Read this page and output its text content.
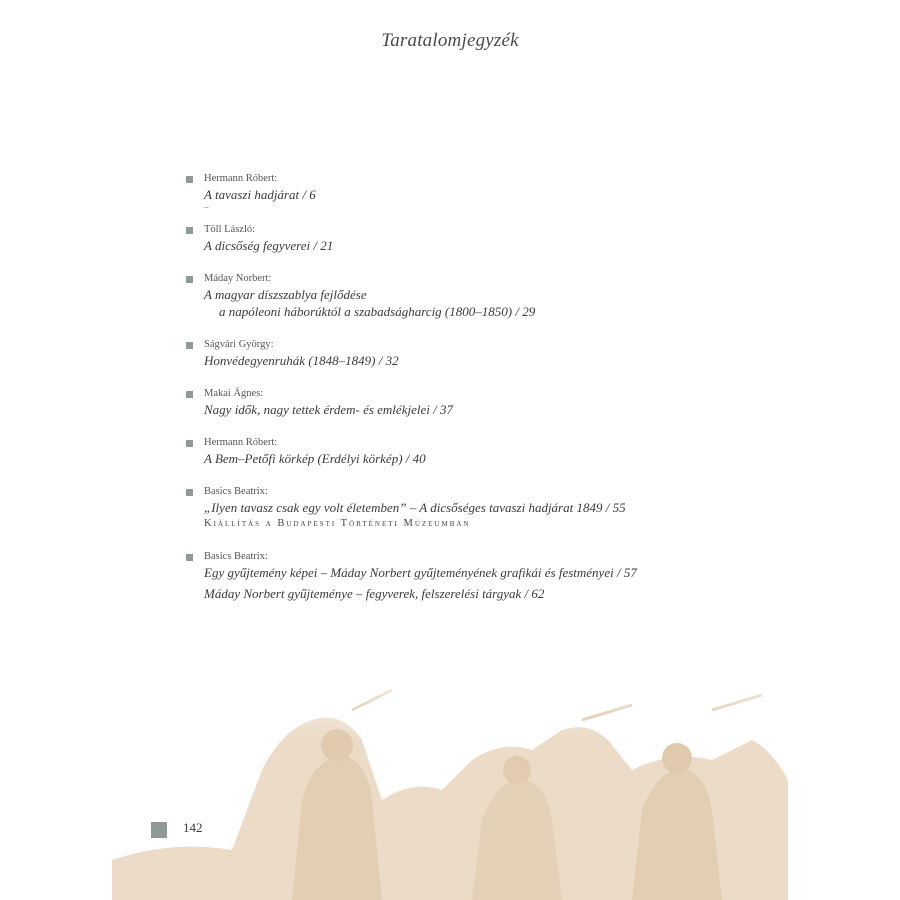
Taratalomjegyzék
Hermann Róbert:
A tavaszi hadjárat / 6
–
Töll László:
A dicsőség fegyverei / 21
Máday Norbert:
A magyar díszszablya fejlődése
a napóleoni háborúktól a szabadságharcig (1800–1850) / 29
Ságvári György:
Honvédegyenruhák (1848–1849) / 32
Makai Ágnes:
Nagy idők, nagy tettek érdem- és emlékjelei / 37
Hermann Róbert:
A Bem–Petőfi körkép (Erdélyi körkép) / 40
Basics Beatrix:
„Ilyen tavasz csak egy volt életemben” – A dicsőséges tavaszi hadjárat 1849 / 55
Kiállítás a Budapesti Történeti Múzeumban
Basics Beatrix:
Egy gyűjtemény képei – Máday Norbert gyűjteményének grafikái és festményei / 57
Máday Norbert gyűjteménye – fegyverek, felszerelési tárgyak / 62
142
